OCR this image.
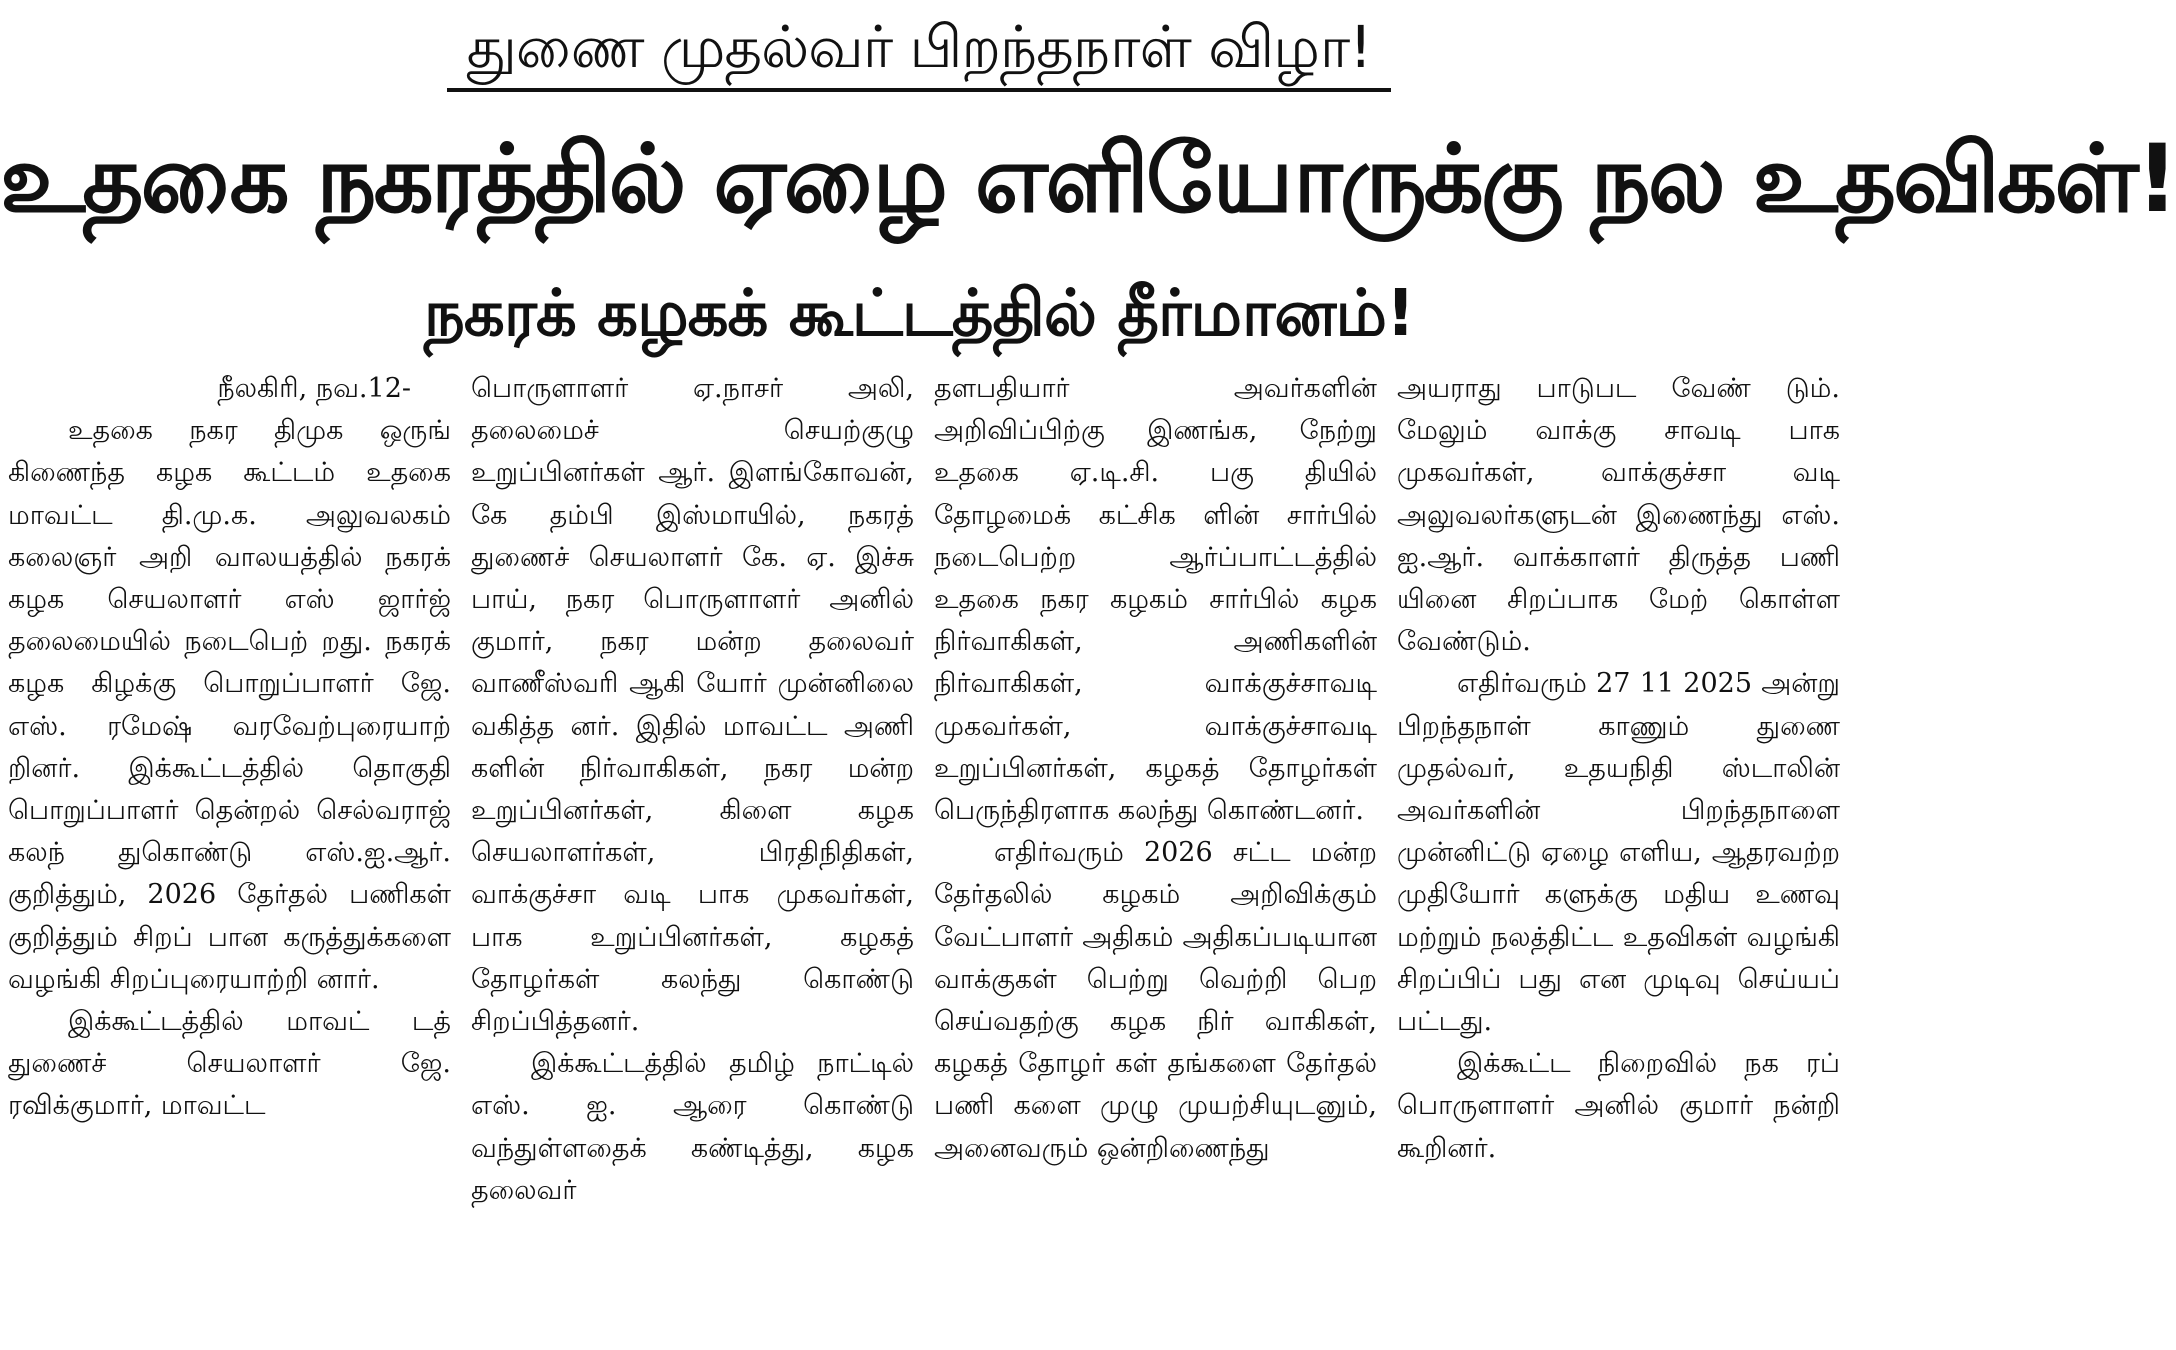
துணை முதல்வர் பிறந்தநாள் விழா!
உதகை நகரத்தில் ஏழை எளியோருக்கு நல உதவிகள்!
நகரக் கழகக் கூட்டத்தில் தீர்மானம்!
நீலகிரி, நவ.12-

உதகை நகர திமுக ஒருங் கிணைந்த கழக கூட்டம் உதகை மாவட்ட தி.மு.க. அலுவலகம் கலைஞர் அறி வாலயத்தில் நகரக் கழக செயலாளர் எஸ் ஜார்ஜ் தலைமையில் நடைபெற் றது. நகரக் கழக கிழக்கு பொறுப்பாளர் ஜே. எஸ். ரமேஷ் வரவேற்புரையாற் றினர். இக்கூட்டத்தில் தொகுதி பொறுப்பாளர் தென்றல் செல்வராஜ் கலந் துகொண்டு எஸ்.ஐ.ஆர். குறித்தும், 2026 தேர்தல் பணிகள் குறித்தும் சிறப் பான கருத்துக்களை வழங்கி சிறப்புரையாற்றி னார்.

இக்கூட்டத்தில் மாவட் டத் துணைச் செயலாளர் ஜே. ரவிக்குமார், மாவட்ட

பொருளாளர் ஏ.நாசர் அலி, தலைமைச் செயற்குழு உறுப்பினர்கள் ஆர். இளங்கோவன், கே தம்பி இஸ்மாயில், நகரத் துணைச் செயலாளர் கே. ஏ. இச்சு பாய், நகர பொருளாளர் அனில் குமார், நகர மன்ற தலைவர் வாணீஸ்வரி ஆகி யோர் முன்னிலை வகித்த னர். இதில் மாவட்ட அணி களின் நிர்வாகிகள், நகர மன்ற உறுப்பினர்கள், கிளை கழக செயலாளர்கள், பிரதிநிதிகள், வாக்குச்சா வடி பாக முகவர்கள், பாக உறுப்பினர்கள், கழகத் தோழர்கள் கலந்து கொண்டு சிறப்பித்தனர்.

இக்கூட்டத்தில் தமிழ் நாட்டில் எஸ். ஐ. ஆரை கொண்டு வந்துள்ளதைக் கண்டித்து, கழக தலைவர்

தளபதியார் அவர்களின் அறிவிப்பிற்கு இணங்க, நேற்று உதகை ஏ.டி.சி. பகு தியில் தோழமைக் கட்சிக ளின் சார்பில் நடைபெற்ற ஆர்ப்பாட்டத்தில் உதகை நகர கழகம் சார்பில் கழக நிர்வாகிகள், அணிகளின் நிர்வாகிகள், வாக்குச்சாவடி முகவர்கள், வாக்குச்சாவடி உறுப்பினர்கள், கழகத் தோழர்கள் பெருந்திரளாக கலந்து கொண்டனர்.

எதிர்வரும் 2026 சட்ட மன்ற தேர்தலில் கழகம் அறிவிக்கும் வேட்பாளர் அதிகம் அதிகப்படியான வாக்குகள் பெற்று வெற்றி பெற செய்வதற்கு கழக நிர் வாகிகள், கழகத் தோழர் கள் தங்களை தேர்தல் பணி களை முழு முயற்சியுடனும், அனைவரும் ஒன்றிணைந்து

அயராது பாடுபட வேண் டும். மேலும் வாக்கு சாவடி பாக முகவர்கள், வாக்குச்சா வடி அலுவலர்களுடன் இணைந்து எஸ். ஐ.ஆர். வாக்காளர் திருத்த பணி யினை சிறப்பாக மேற் கொள்ள வேண்டும்.

எதிர்வரும் 27 11 2025 அன்று பிறந்தநாள் காணும் துணை முதல்வர், உதயநிதி ஸ்டாலின் அவர்களின் பிறந்தநாளை முன்னிட்டு ஏழை எளிய, ஆதரவற்ற முதியோர் களுக்கு மதிய உணவு மற்றும் நலத்திட்ட உதவிகள் வழங்கி சிறப்பிப் பது என முடிவு செய்யப் பட்டது.

இக்கூட்ட நிறைவில் நக ரப் பொருளாளர் அனில் குமார் நன்றி கூறினர்.
